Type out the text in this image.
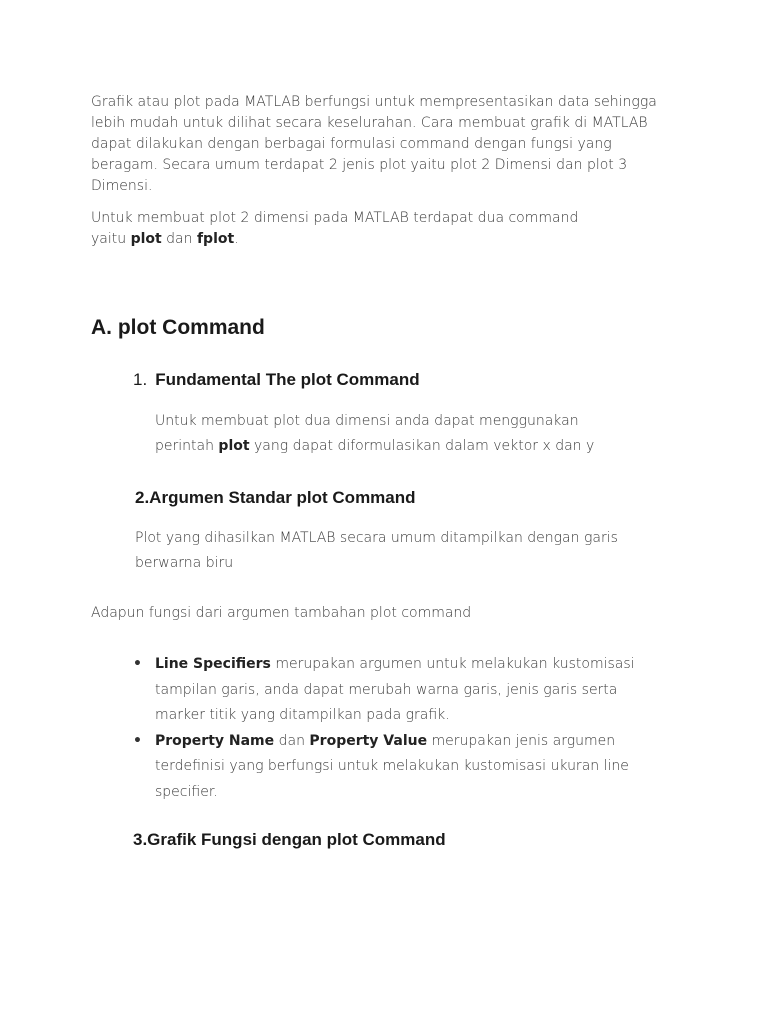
Grafik atau plot pada MATLAB berfungsi untuk mempresentasikan data sehingga
lebih mudah untuk dilihat secara keselurahan. Cara membuat grafik di MATLAB
dapat dilakukan dengan berbagai formulasi command dengan fungsi yang
beragam. Secara umum terdapat 2 jenis plot yaitu plot 2 Dimensi dan plot 3
Dimensi.

Untuk membuat plot 2 dimensi pada MATLAB terdapat dua command
yaitu plot dan fplot.

A. plot Command
1. Fundamental The plot Command

Untuk membuat plot dua dimensi anda dapat menggunakan
perintah plot yang dapat diformulasikan dalam vektor x dan y

2.Argumen Standar plot Command

Plot yang dihasilkan MATLAB secara umum ditampilkan dengan garis
berwarna biru

Adapun fungsi dari argumen tambahan plot command

• Line Specifiers merupakan argumen untuk melakukan kustomisasi
tampilan garis, anda dapat merubah warna garis, jenis garis serta
marker titik yang ditampilkan pada grafik.
• Property Name dan Property Value merupakan jenis argumen
terdefinisi yang berfungsi untuk melakukan kustomisasi ukuran line
specifier.
3.Grafik Fungsi dengan plot Command
